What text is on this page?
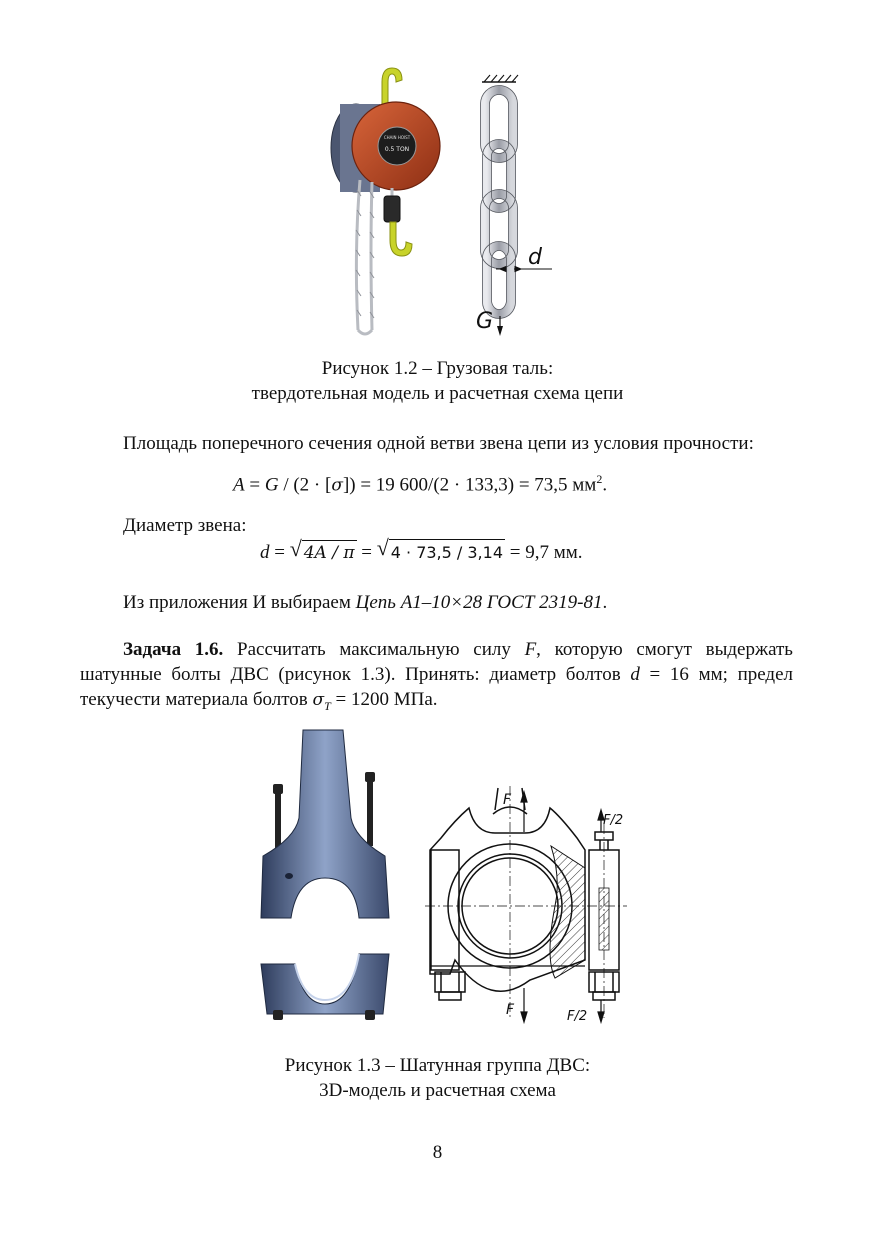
CHAIN HOIST
0.5 TON
d
G
Рисунок 1.2 – Грузовая таль:
твердотельная модель и расчетная схема цепи
Площадь поперечного сечения одной ветви звена цепи из условия прочности:
A = G / (2 · [σ]) = 19 600/(2 · 133,3) = 73,5 $мм^2$.
Диаметр звена:
d = √ 4A / π = √ 4 · 73,5 / 3,14 = 9,7 мм.
Из приложения И выбираем Цепь А1–10×28 ГОСТ 2319-81.
Задача 1.6. Рассчитать максимальную силу F, которую смогут выдержать
шатунные болты ДВС (рисунок 1.3). Принять: диаметр болтов d = 16 мм; предел
текучести материала болтов $\sigma_T = 1200$ МПа.
F
F
F/2
F/2
Рисунок 1.3 – Шатунная группа ДВС:
3D-модель и расчетная схема
8
